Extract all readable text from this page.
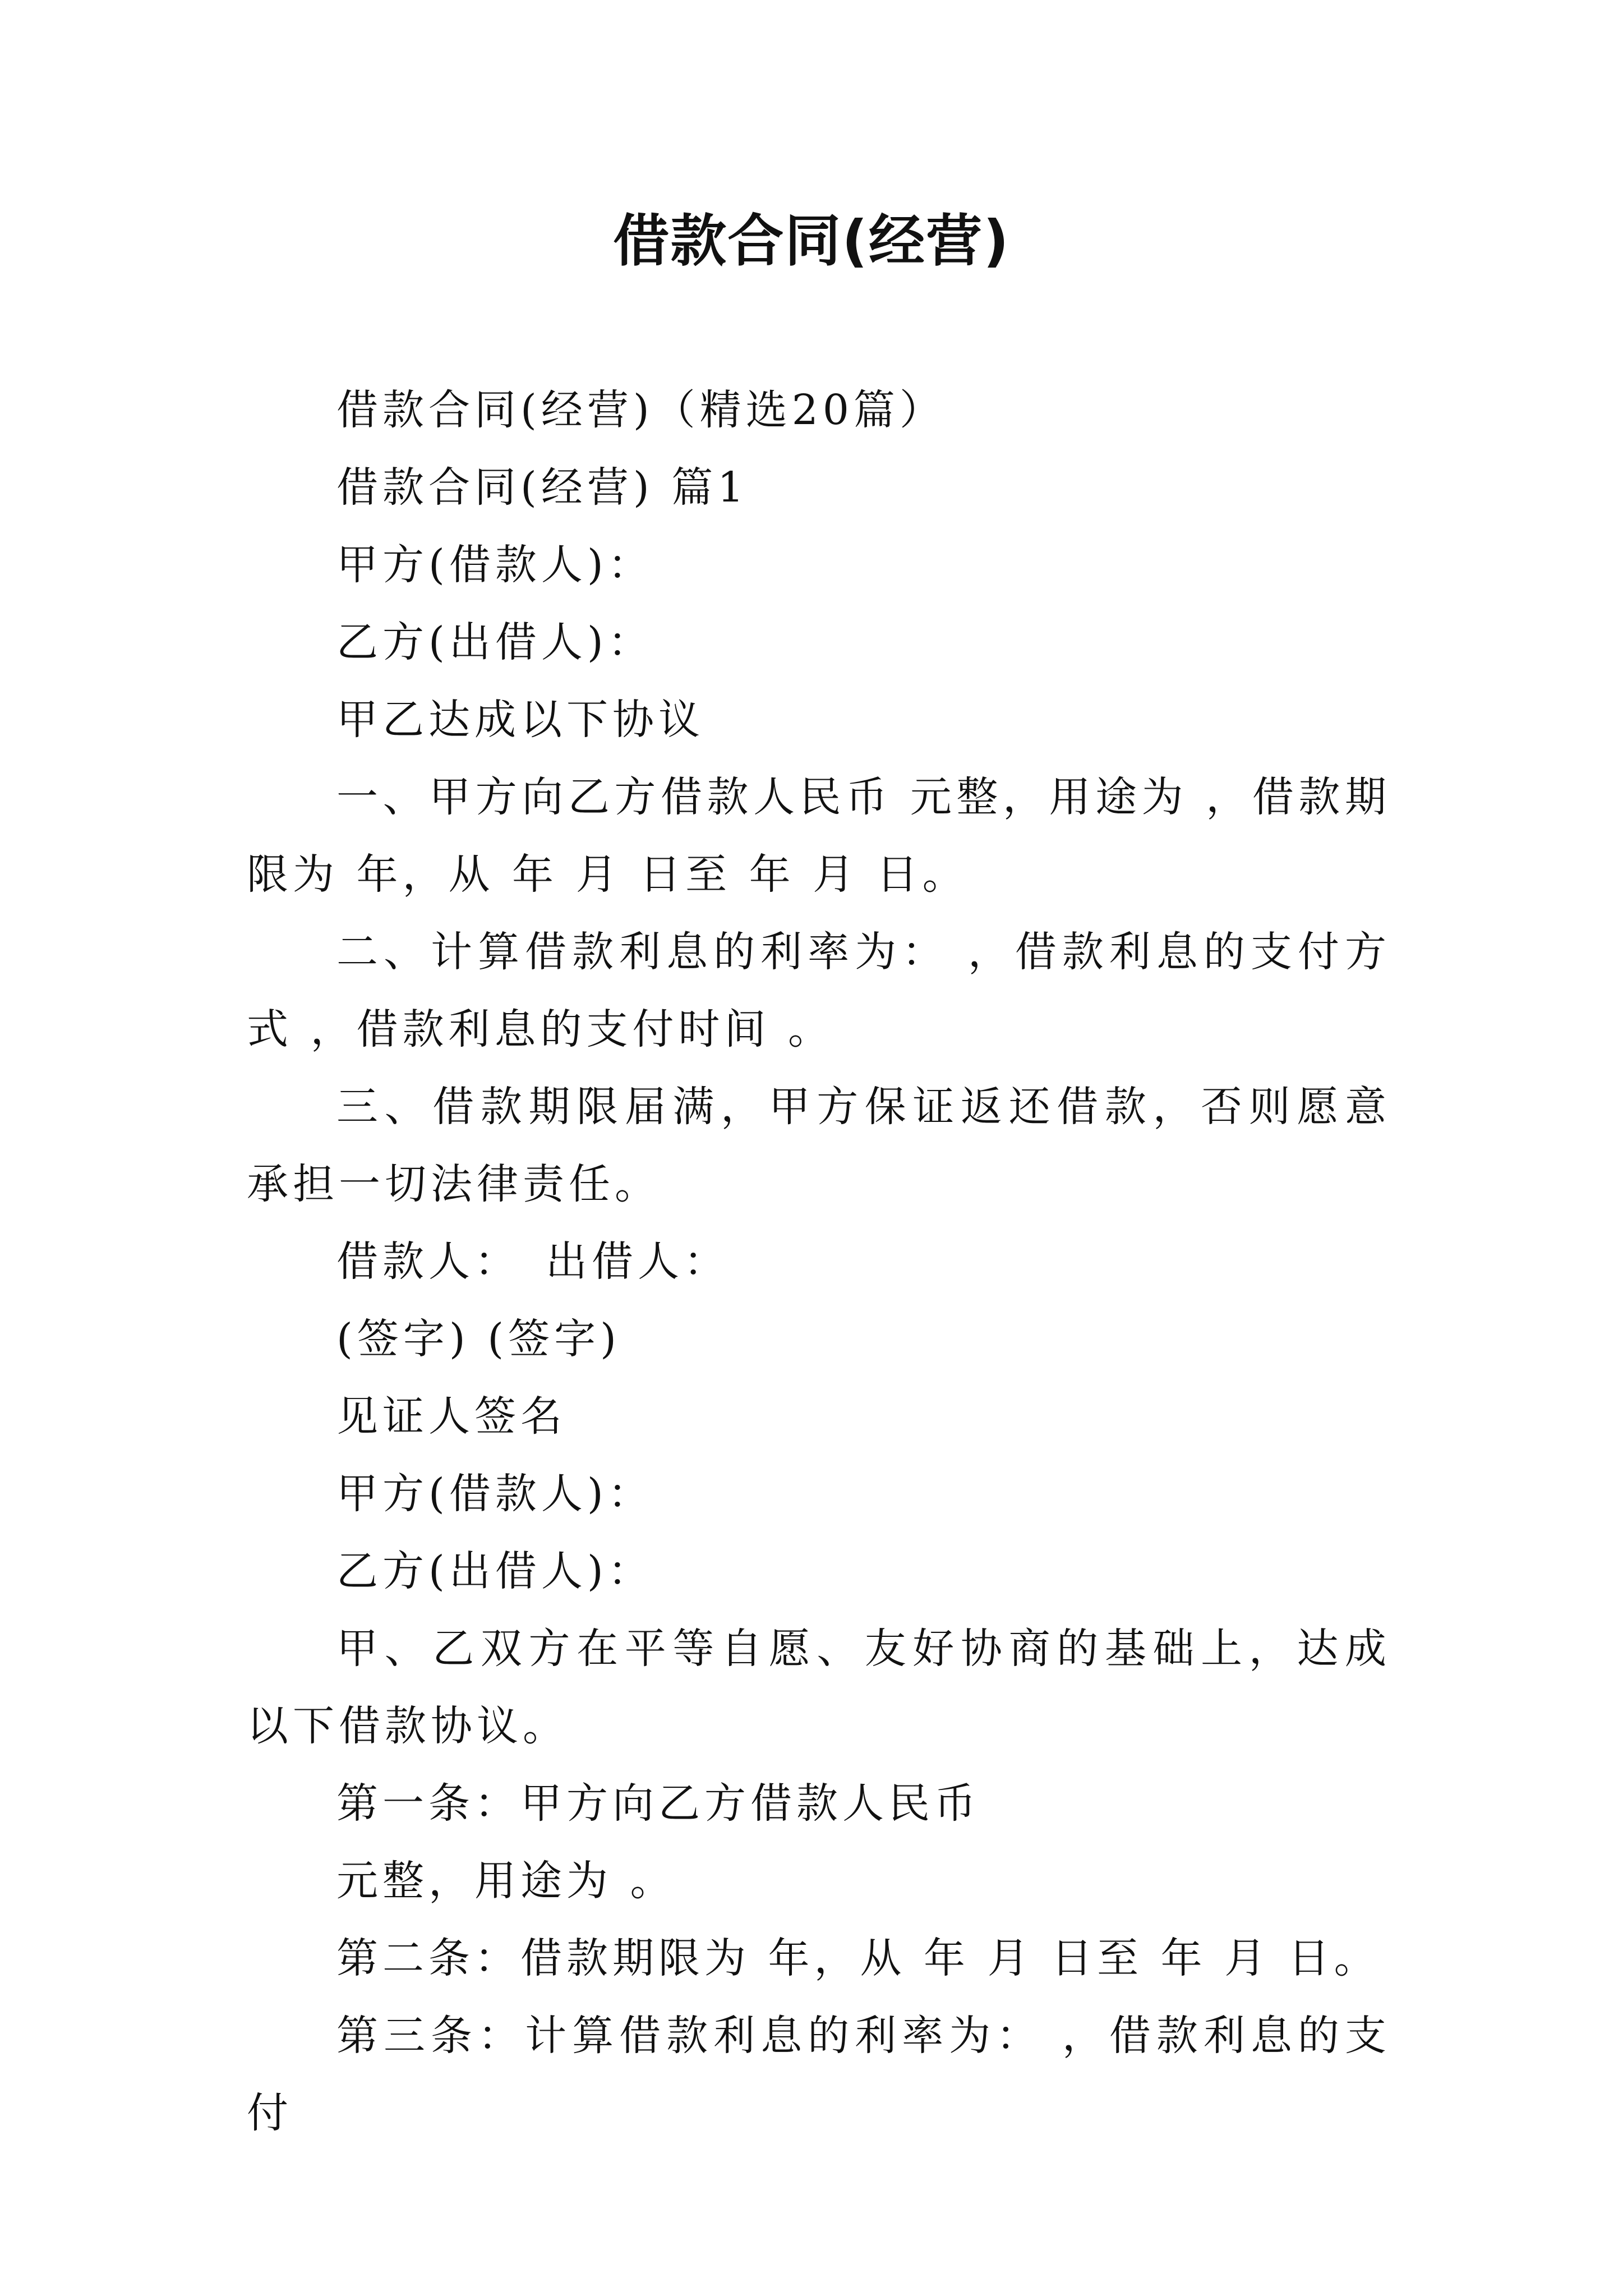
借款合同(经营)

借款合同(经营)（精选20篇）

借款合同(经营) 篇1

甲方(借款人)：

乙方(出借人)：

甲乙达成以下协议

一、甲方向乙方借款人民币 元整，用途为 ，借款期限为 年，从 年 月 日至 年 月 日。

二、计算借款利息的利率为： ，借款利息的支付方式 ，借款利息的支付时间 。

三、借款期限届满，甲方保证返还借款，否则愿意承担一切法律责任。

借款人：　出借人：

(签字) (签字)

见证人签名

甲方(借款人)：

乙方(出借人)：

甲、乙双方在平等自愿、友好协商的基础上，达成以下借款协议。

第一条：甲方向乙方借款人民币

元整，用途为 。

第二条：借款期限为 年，从 年 月 日至 年 月 日。

第三条：计算借款利息的利率为： ，借款利息的支付
